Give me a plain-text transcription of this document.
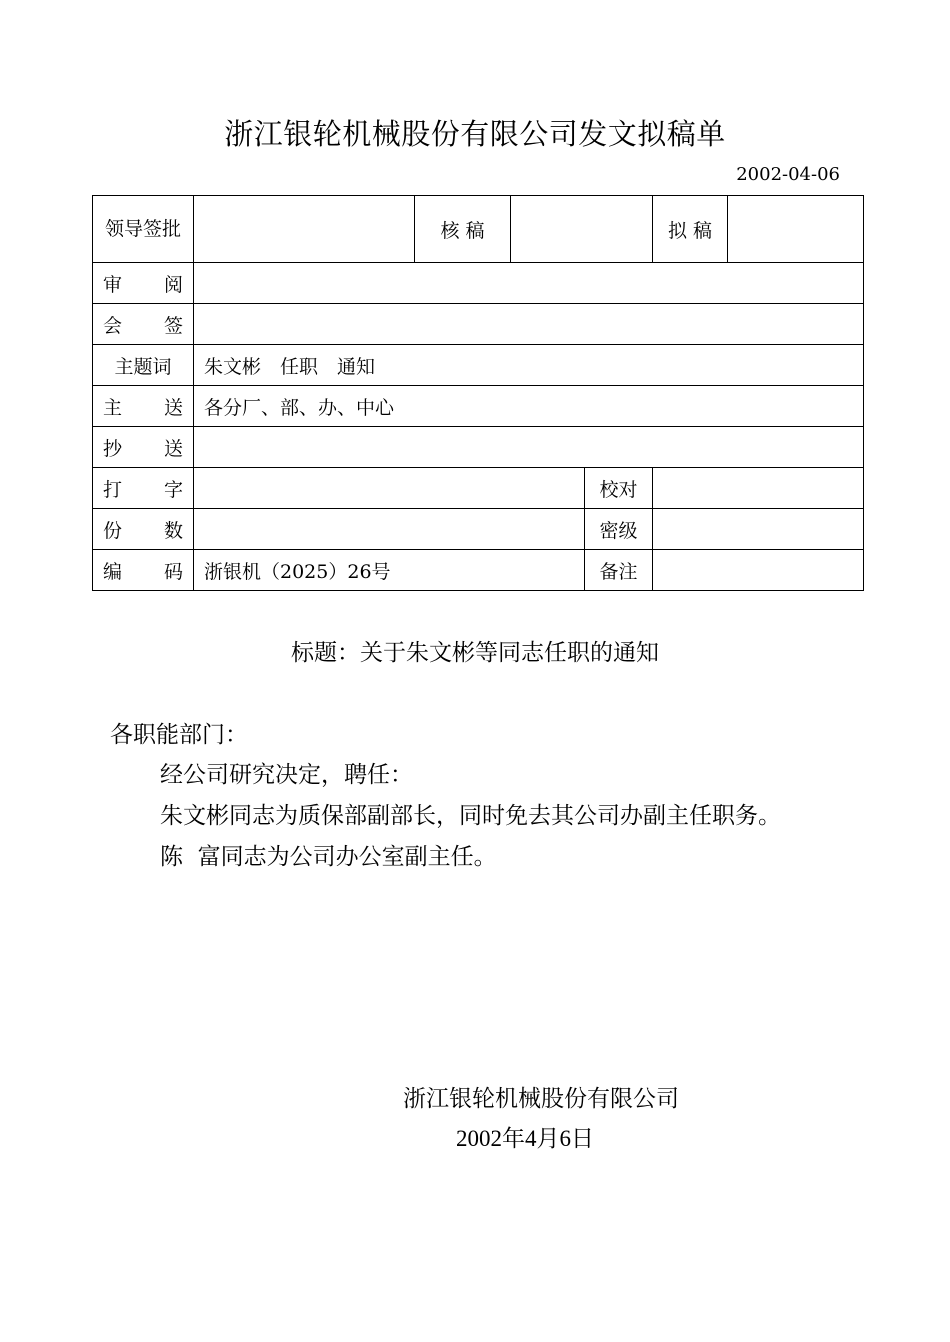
浙江银轮机械股份有限公司发文拟稿单
2002-04-06
领导签批		核 稿			拟 稿	

审 阅						

会 签						

主题词	朱文彬　任职　通知					

主 送	各分厂、部、办、中心					

抄 送						

打 字				校对		

份 数				密级		

编 码	浙银机（2025）26号			备注		
标题：关于朱文彬等同志任职的通知
各职能部门：
经公司研究决定，聘任：
朱文彬同志为质保部副部长，同时免去其公司办副主任职务。
陈  富同志为公司办公室副主任。
浙江银轮机械股份有限公司
2002年4月6日
